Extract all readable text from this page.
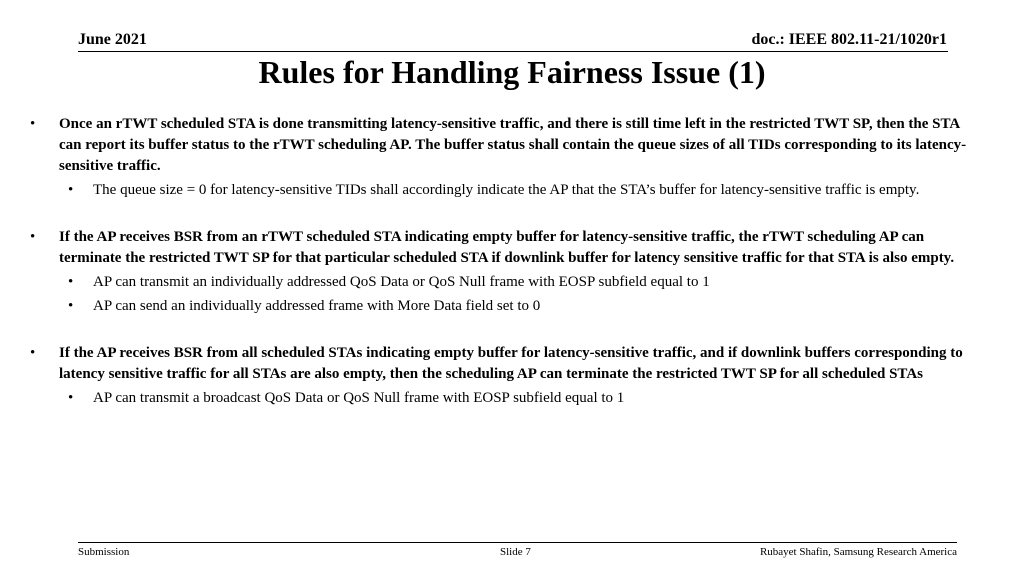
June 2021	doc.: IEEE 802.11-21/1020r1
Rules for Handling Fairness Issue (1)
• Once an rTWT scheduled STA is done transmitting latency-sensitive traffic, and there is still time left in the restricted TWT SP, then the STA can report its buffer status to the rTWT scheduling AP. The buffer status shall contain the queue sizes of all TIDs corresponding to its latency-sensitive traffic.
• The queue size = 0 for latency-sensitive TIDs shall accordingly indicate the AP that the STA’s buffer for latency-sensitive traffic is empty.
• If the AP receives BSR from an rTWT scheduled STA indicating empty buffer for latency-sensitive traffic, the rTWT scheduling AP can terminate the restricted TWT SP for that particular scheduled STA if downlink buffer for latency sensitive traffic for that STA is also empty.
• AP can transmit an individually addressed QoS Data or QoS Null frame with EOSP subfield equal to 1
• AP can send an individually addressed frame with More Data field set to 0
• If the AP receives BSR from all scheduled STAs indicating empty buffer for latency-sensitive traffic, and if downlink buffers corresponding to latency sensitive traffic for all STAs are also empty, then the scheduling AP can terminate the restricted TWT SP for all scheduled STAs
• AP can transmit a broadcast QoS Data or QoS Null frame with EOSP subfield equal to 1
Submission	Slide 7	Rubayet Shafin, Samsung Research America
